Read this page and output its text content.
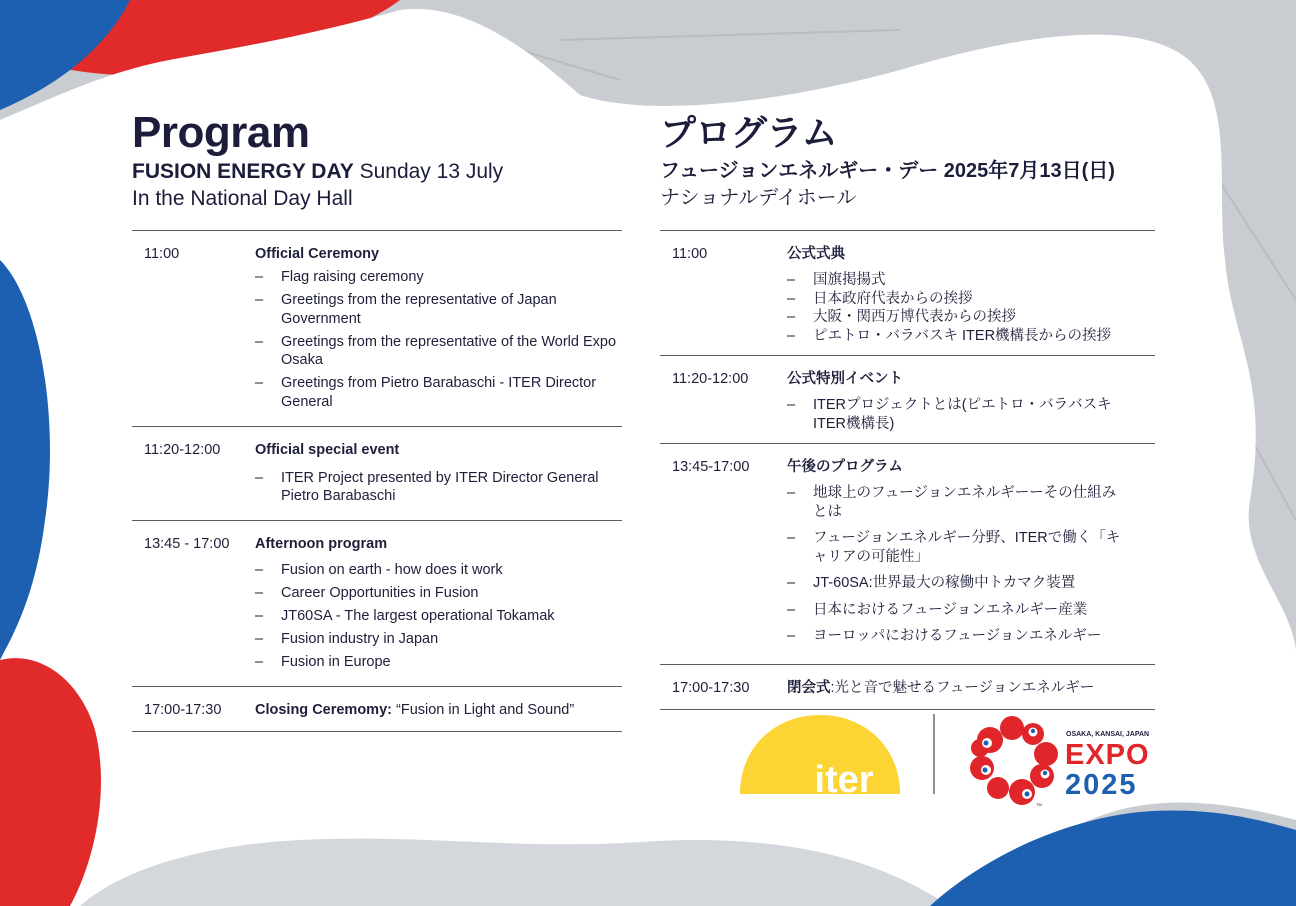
Program
FUSION ENERGY DAY Sunday 13 July
In the National Day Hall
11:00	Official Ceremony
– Flag raising ceremony
– Greetings from the representative of Japan Government
– Greetings from the representative of the World Expo Osaka
– Greetings from Pietro Barabaschi - ITER Director General
11:20-12:00	Official special event
– ITER Project presented by ITER Director General Pietro Barabaschi
13:45 - 17:00	Afternoon program
– Fusion on earth - how does it work
– Career Opportunities in Fusion
– JT60SA - The largest operational Tokamak
– Fusion industry in Japan
– Fusion in Europe
17:00-17:30	Closing Ceremomy: “Fusion in Light and Sound”
プログラム
フュージョンエネルギー・デー 2025年7月13日(日)
ナショナルデイホール
11:00	公式式典
– 国旗掲揚式
– 日本政府代表からの挨拶
– 大阪・関西万博代表からの挨拶
– ピエトロ・バラバスキ ITER機構長からの挨拶
11:20-12:00	公式特別イベント
– ITERプロジェクトとは(ピエトロ・バラバスキ ITER機構長)
13:45-17:00	午後のプログラム
– 地球上のフュージョンエネルギーーその仕組みとは
– フュージョンエネルギー分野、ITERで働く「キャリアの可能性」
– JT-60SA:世界最大の稼働中トカマク装置
– 日本におけるフュージョンエネルギー産業
– ヨーロッパにおけるフュージョンエネルギー
17:00-17:30	閉会式:光と音で魅せるフュージョンエネルギー
iter
OSAKA, KANSAI, JAPAN
EXPO
2025
TM
